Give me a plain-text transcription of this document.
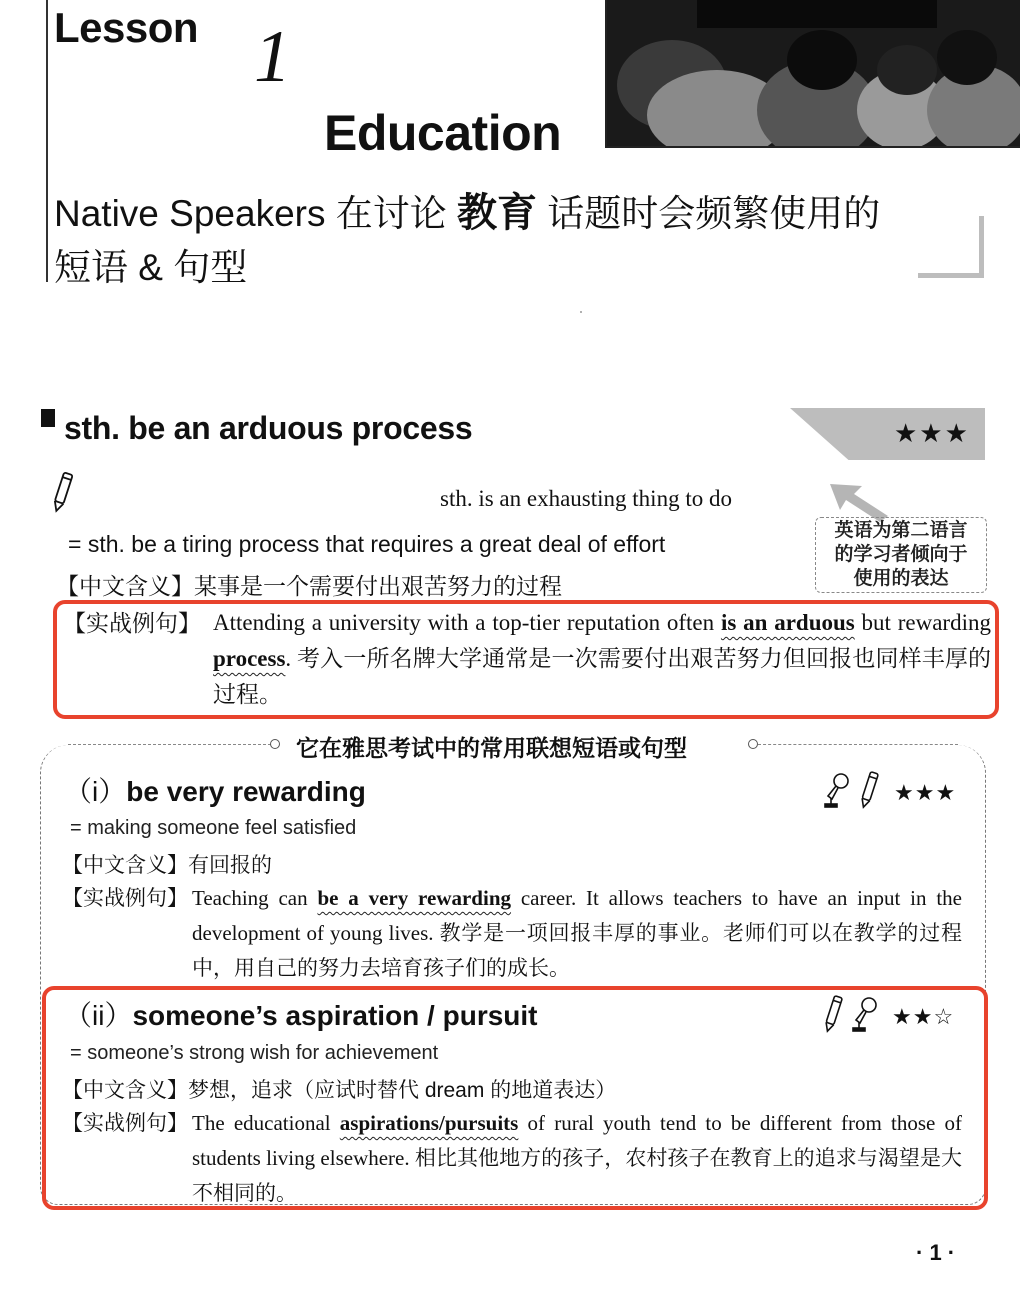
Lesson 1
Education
Native Speakers 在讨论 教育 话题时会频繁使用的
短语 & 句型
sth. be an arduous process	★★★
sth. is an exhausting thing to do
英语为第二语言
的学习者倾向于
使用的表达
= sth. be a tiring process that requires a great deal of effort
【中文含义】某事是一个需要付出艰苦努力的过程
【实战例句】 Attending a university with a top-tier reputation often is an arduous but rewarding process. 考入一所名牌大学通常是一次需要付出艰苦努力但回报也同样丰厚的过程。
它在雅思考试中的常用联想短语或句型
（i）be very rewarding	★★★
= making someone feel satisfied
【中文含义】有回报的
【实战例句】 Teaching can be a very rewarding career. It allows teachers to have an input in the development of young lives. 教学是一项回报丰厚的事业。老师们可以在教学的过程中，用自己的努力去培育孩子们的成长。
（ii）someone’s aspiration / pursuit	★★☆
= someone’s strong wish for achievement
【中文含义】梦想，追求（应试时替代 dream 的地道表达）
【实战例句】 The educational aspirations/pursuits of rural youth tend to be different from those of students living elsewhere. 相比其他地方的孩子，农村孩子在教育上的追求与渴望是大不相同的。
· 1 ·
